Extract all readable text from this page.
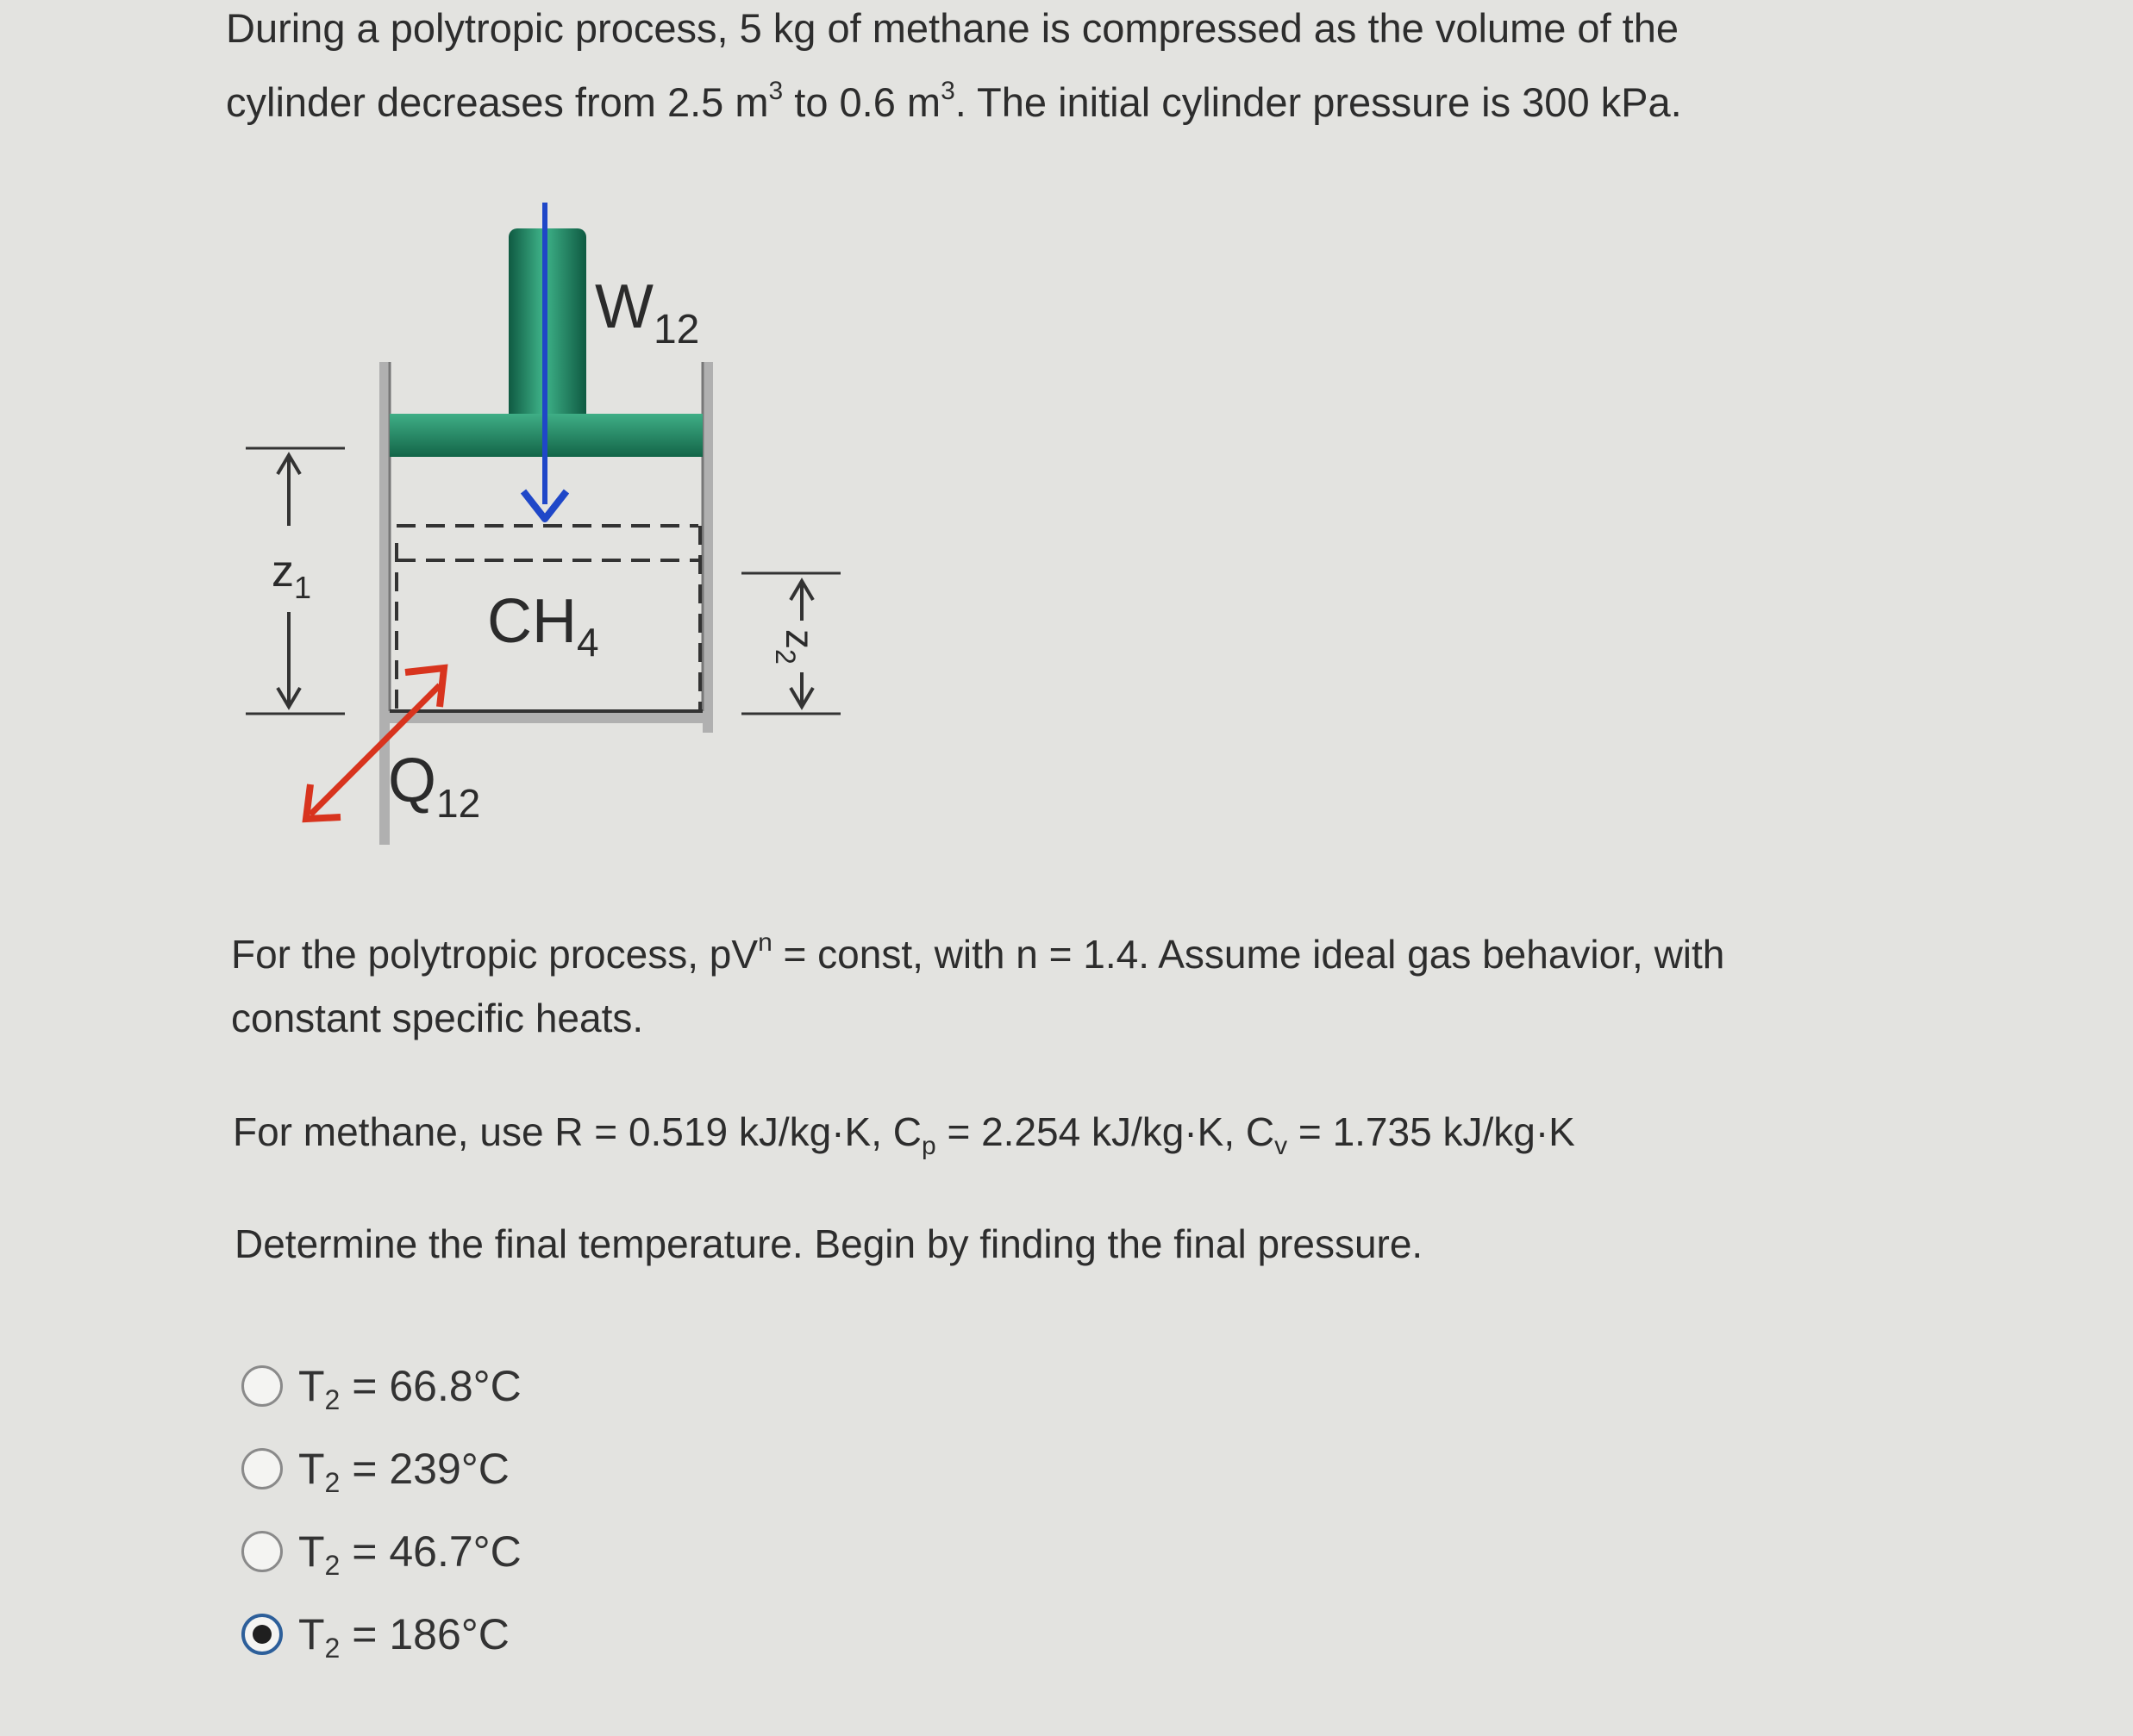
During a polytropic process, 5 kg of methane is compressed as the volume of the
cylinder decreases from 2.5 $m^3$ to 0.6 $m^3$. The initial cylinder pressure is 300 kPa.

$W_{12}$
$CH_4$
$Q_{12}$
$z_1$
$z_2$

For the polytropic process, $pV^n$ = const, with n = 1.4. Assume ideal gas behavior, with
constant specific heats.

For methane, use R = 0.519 kJ/kg·K, $C_p = 2.254$ kJ/kg·K, $C_v = 1.735$ kJ/kg·K

Determine the final temperature. Begin by finding the final pressure.

$T_2 = 66.8^\circ C$
$T_2 = 239^\circ C$
$T_2 = 46.7^\circ C$
$T_2 = 186^\circ C$
